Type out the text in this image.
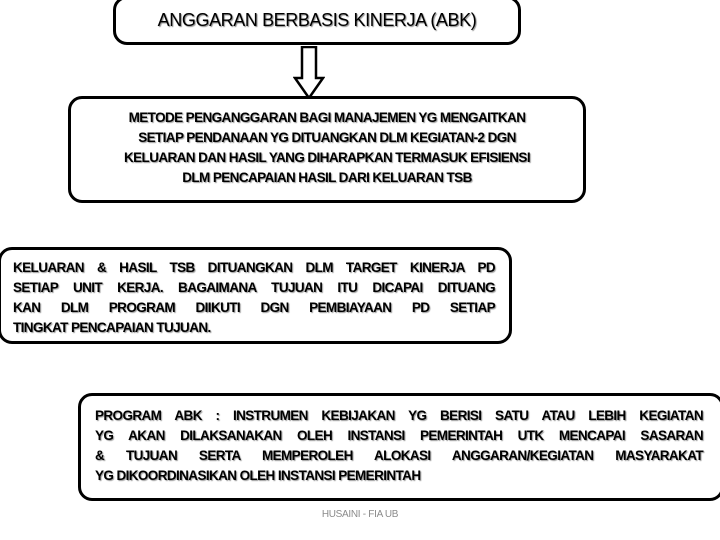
ANGGARAN BERBASIS KINERJA (ABK)
METODE PENGANGGARAN BAGI MANAJEMEN YG MENGAITKAN
SETIAP PENDANAAN YG DITUANGKAN DLM KEGIATAN-2 DGN
KELUARAN DAN HASIL YANG DIHARAPKAN TERMASUK EFISIENSI
DLM PENCAPAIAN HASIL DARI KELUARAN TSB
KELUARAN & HASIL TSB DITUANGKAN DLM TARGET KINERJA PD
SETIAP UNIT KERJA. BAGAIMANA TUJUAN ITU DICAPAI DITUANG
KAN DLM PROGRAM DIIKUTI DGN PEMBIAYAAN PD SETIAP
TINGKAT PENCAPAIAN TUJUAN.
PROGRAM ABK : INSTRUMEN KEBIJAKAN YG BERISI SATU ATAU LEBIH KEGIATAN
YG AKAN DILAKSANAKAN OLEH INSTANSI PEMERINTAH UTK MENCAPAI SASARAN
& TUJUAN SERTA MEMPEROLEH ALOKASI ANGGARAN/KEGIATAN MASYARAKAT
YG DIKOORDINASIKAN OLEH INSTANSI PEMERINTAH
HUSAINI - FIA UB
